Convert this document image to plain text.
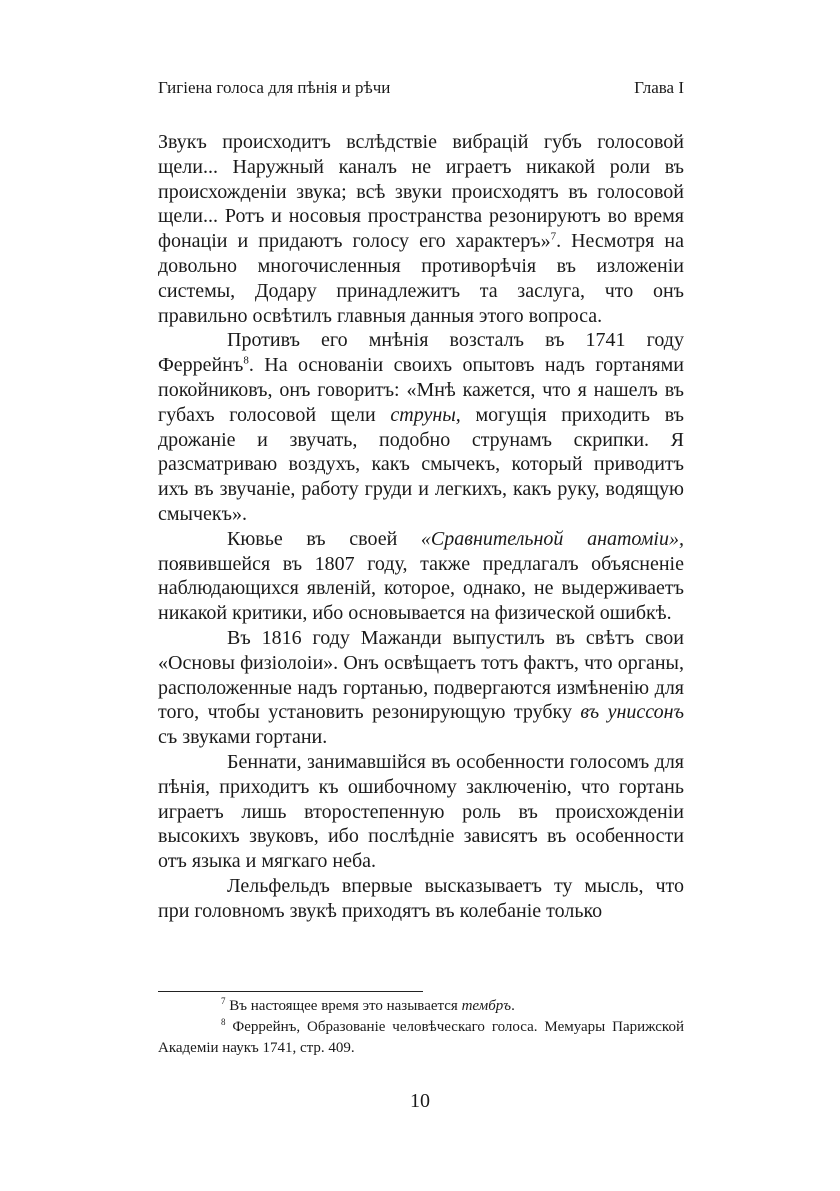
Гигiена голоса для пѣнiя и рѣчи	Глава I

Звукъ происходитъ вслѣдствiе вибрацiй губъ голосовой щели... Наружный каналъ не играетъ никакой роли въ происхожденiи звука; всѣ звуки происходятъ въ голосовой щели... Ротъ и носовыя пространства резонируютъ во время фонацiи и придаютъ голосу его характеръ»$^7$. Несмотря на довольно многочисленныя противорѣчiя въ изложенiи системы, Додару принадлежитъ та заслуга, что онъ правильно освѣтилъ главныя данныя этого вопроса.

Противъ его мнѣнiя возсталъ въ 1741 году Феррейнъ$^8$. На основанiи своихъ опытовъ надъ гортанями покойниковъ, онъ говоритъ: «Мнѣ кажется, что я нашелъ въ губахъ голосовой щели струны, могущiя приходить въ дрожанiе и звучать, подобно струнамъ скрипки. Я разсматриваю воздухъ, какъ смычекъ, который приводитъ ихъ въ звучанiе, работу груди и легкихъ, какъ руку, водящую смычекъ».

Кювье въ своей «Сравнительной анатомiи», появившейся въ 1807 году, также предлагалъ объясненiе наблюдающихся явленiй, которое, однако, не выдерживаетъ никакой критики, ибо основывается на физической ошибкѣ.

Въ 1816 году Мажанди выпустилъ въ свѣтъ свои «Основы физiолоiи». Онъ освѣщаетъ тотъ фактъ, что органы, расположенные надъ гортанью, подвергаются измѣненiю для того, чтобы установить резонирующую трубку въ униссонъ съ звуками гортани.

Беннати, занимавшiйся въ особенности голосомъ для пѣнiя, приходитъ къ ошибочному заключенiю, что гортань играетъ лишь второстепенную роль въ происхожденiи высокихъ звуковъ, ибо послѣднiе зависятъ въ особенности отъ языка и мягкаго неба.

Лельфельдъ впервые высказываетъ ту мысль, что при головномъ звукѣ приходятъ въ колебанiе только

$^7$ Въ настоящее время это называется тембръ.

$^8$ Феррейнъ, Образованiе человѣческаго голоса. Мемуары Парижской Академiи наукъ 1741, стр. 409.

10
